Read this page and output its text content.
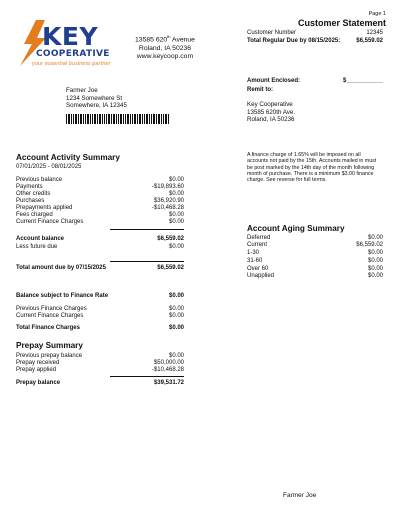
Page 1
Customer Statement
Customer Number	12345
Total Regular Due by 08/15/2025:	$6,559.02
KEY
COOPERATIVE
your essential business partner
13585 620th Avenue
Roland, IA 50236
www.keycoop.com
Amount Enclosed:	$___________
Remit to:
Key Cooperative
13585 620th Ave.
Roland, IA 50236
Farmer Joe
1234 Somewhere St
Somewhere, IA 12345
A finance charge of 1.65% will be imposed on all accounts not paid by the 15th. Accounts mailed in must be post marked by the 14th day of the month following month of purchase. There is a minimum $3.00 finance charge. See reverse for full terms.
Account Activity Summary
07/01/2025 - 08/01/2025
Previous balance	$0.00
Payments	-$19,893.60
Other credits	$0.00
Purchases	$36,920.90
Prepayments applied	-$10,468.28
Fees charged	$0.00
Current Finance Charges	$0.00
Account balance	$6,559.02
Less future due	$0.00
Total amount due by 07/15/2025	$6,559.02
Balance subject to Finance Rate	$0.00
Previous Finance Charges	$0.00
Current Finance Charges	$0.00
Total Finance Charges	$0.00
Prepay Summary
Previous prepay balance	$0.00
Prepay received	$50,000.00
Prepay applied	-$10,468.28
Prepay balance	$39,531.72
Account Aging Summary
Deferred	$0.00
Current	$6,559.02
1-30	$0.00
31-60	$0.00
Over 60	$0.00
Unapplied	$0.00
Farmer Joe
